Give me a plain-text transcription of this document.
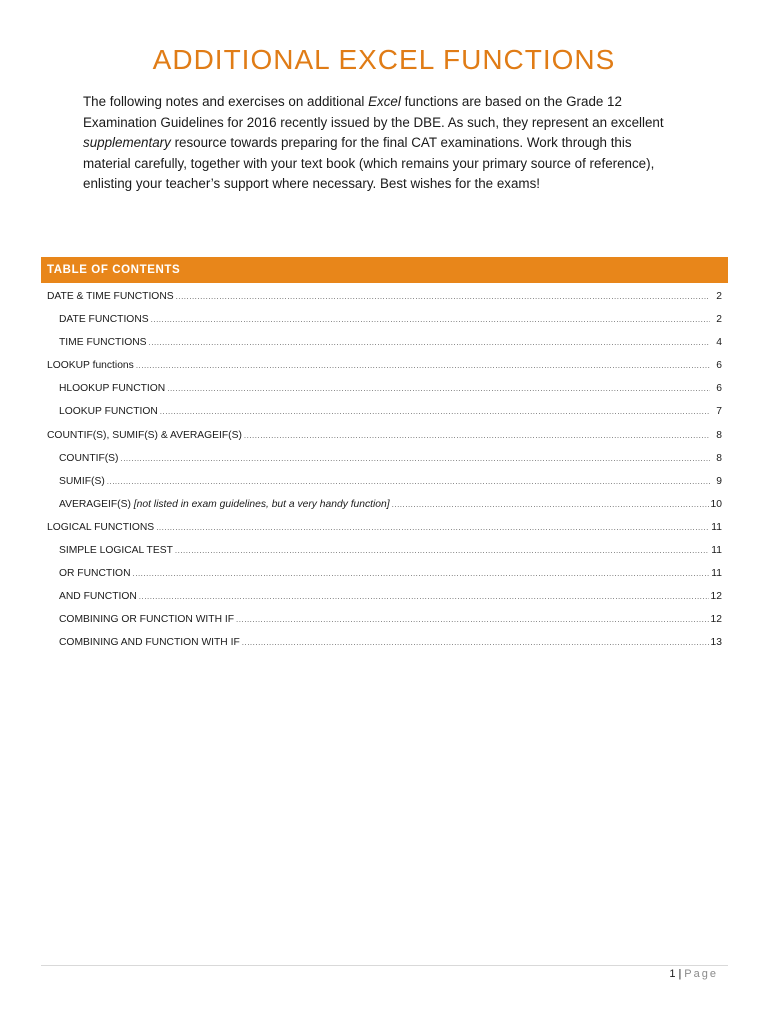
ADDITIONAL EXCEL FUNCTIONS

The following notes and exercises on additional Excel functions are based on the Grade 12 Examination Guidelines for 2016 recently issued by the DBE. As such, they represent an excellent supplementary resource towards preparing for the final CAT examinations. Work through this material carefully, together with your text book (which remains your primary source of reference), enlisting your teacher’s support where necessary. Best wishes for the exams!

TABLE OF CONTENTS
DATE & TIME FUNCTIONS .....	2
DATE FUNCTIONS .....	2
TIME FUNCTIONS .....	4
LOOKUP functions .....	6
HLOOKUP FUNCTION .....	6
LOOKUP FUNCTION .....	7
COUNTIF(S), SUMIF(S) & AVERAGEIF(S) .....	8
COUNTIF(S) .....	8
SUMIF(S) .....	9
AVERAGEIF(S) [not listed in exam guidelines, but a very handy function] .....	10
LOGICAL FUNCTIONS .....	11
SIMPLE LOGICAL TEST .....	11
OR FUNCTION .....	11
AND FUNCTION .....	12
COMBINING OR FUNCTION WITH IF .....	12
COMBINING AND FUNCTION WITH IF .....	13
1 | Page
